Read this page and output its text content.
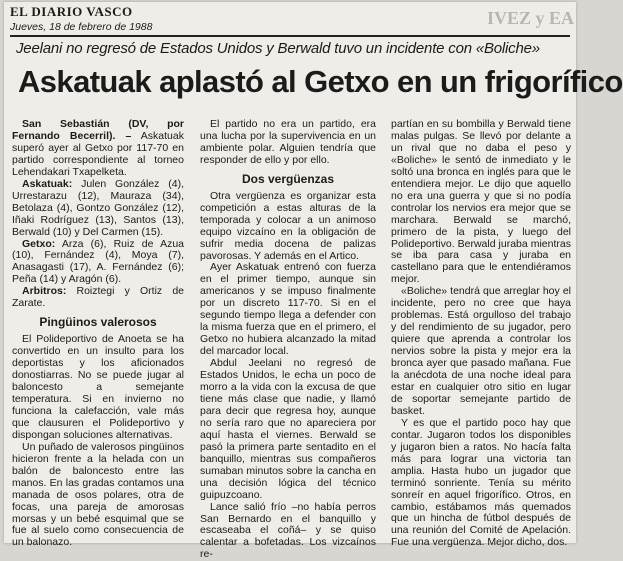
EL DIARIO VASCO
Jueves, 18 de febrero de 1988	IVEZ y EA
Jeelani no regresó de Estados Unidos y Berwald tuvo un incidente con «Boliche»
Askatuak aplastó al Getxo en un frigorífico

San Sebastián (DV, por Fernando Becerril). – Askatuak superó ayer al Getxo por 117-70 en partido correspondiente al torneo Lehendakari Txapelketa.

Askatuak: Julen González (4), Urrestarazu (12), Mauraza (34), Betolaza (4), Gontzo González (12), Iñaki Rodríguez (13), Santos (13), Berwald (10) y Del Carmen (15).

Getxo: Arza (6), Ruiz de Azua (10), Fernández (4), Moya (7), Anasagasti (17), A. Fernández (6); Peña (14) y Aragón (6).

Arbitros: Roiztegi y Ortiz de Zarate.

Pingüinos valerosos

El Polideportivo de Anoeta se ha convertido en un insulto para los deportistas y los aficionados donostiarras. No se puede jugar al baloncesto a semejante temperatura. Si en invierno no funciona la calefacción, vale más que clausuren el Polideportivo y dispongan soluciones alternativas.

Un puñado de valerosos pingüinos hicieron frente a la helada con un balón de baloncesto entre las manos. En las gradas contamos una manada de osos polares, otra de focas, una pareja de amorosas morsas y un bebé esquimal que se fue al suelo como consecuencia de un balonazo.

El partido no era un partido, era una lucha por la supervivencia en un ambiente polar. Alguien tendría que responder de ello y por ello.

Dos vergüenzas

Otra vergüenza es organizar esta competición a estas alturas de la temporada y colocar a un animoso equipo vizcaíno en la obligación de sufrir media docena de palizas pavorosas. Y además en el Artico.

Ayer Askatuak entrenó con fuerza en el primer tiempo, aunque sin americanos y se impuso finalmente por un discreto 117-70. Si en el segundo tiempo llega a defender con la misma fuerza que en el primero, el Getxo no hubiera alcanzado la mitad del marcador local.

Abdul Jeelani no regresó de Estados Unidos, le echa un poco de morro a la vida con la excusa de que tiene más clase que nadie, y llamó para decir que regresa hoy, aunque no sería raro que no apareciera por aquí hasta el viernes. Berwald se pasó la primera parte sentadito en el banquillo, mientras sus compañeros sumaban minutos sobre la cancha en una decisión lógica del técnico guipuzcoano.

Lance salió frío –no había perros San Bernardo en el banquillo y escaseaba el coñá– y se quiso calentar a bofetadas. Los vizcaínos re-

partían en su bombilla y Berwald tiene malas pulgas. Se llevó por delante a un rival que no daba el peso y «Boliche» le sentó de inmediato y le soltó una bronca en inglés para que le entendiera mejor. Le dijo que aquello no era una guerra y que si no podía controlar los nervios era mejor que se marchara. Berwald se marchó, primero de la pista, y luego del Polideportivo. Berwald juraba mientras se iba para casa y juraba en castellano para que le entendiéramos mejor.

«Boliche» tendrá que arreglar hoy el incidente, pero no cree que haya problemas. Está orgulloso del trabajo y del rendimiento de su jugador, pero quiere que aprenda a controlar los nervios sobre la pista y mejor era la bronca ayer que pasado mañana. Fue la anécdota de una noche ideal para estar en cualquier otro sitio en lugar de soportar semejante partido de basket.

Y es que el partido poco hay que contar. Jugaron todos los disponibles y jugaron bien a ratos. No hacía falta más para lograr una victoria tan amplia. Hasta hubo un jugador que terminó sonriente. Tenía su mérito sonreír en aquel frigorífico. Otros, en cambio, estábamos más quemados que un hincha de fútbol después de una reunión del Comité de Apelación. Fue una vergüenza. Mejor dicho, dos.
